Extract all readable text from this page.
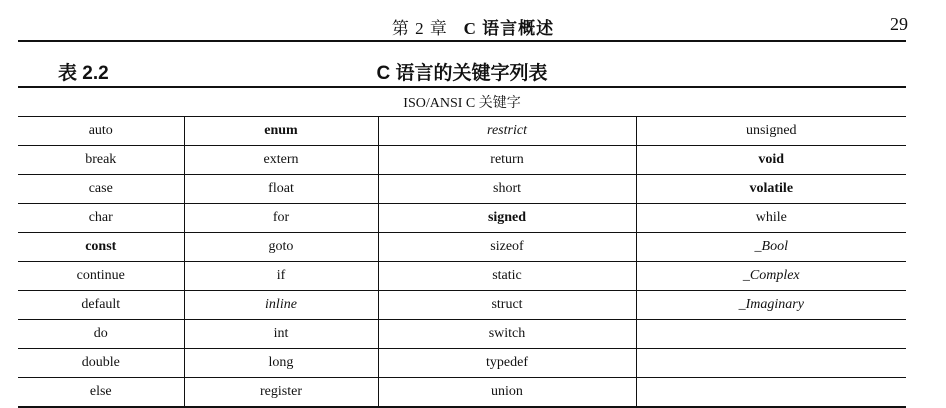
第 2 章 C 语言概述	29
表 2.2	C 语言的关键字列表
ISO/ANSI C 关键字			
auto	enum	restrict	unsigned
break	extern	return	void
case	float	short	volatile
char	for	signed	while
const	goto	sizeof	_Bool
continue	if	static	_Complex
default	inline	struct	_Imaginary
do	int	switch	
double	long	typedef	
else	register	union	
